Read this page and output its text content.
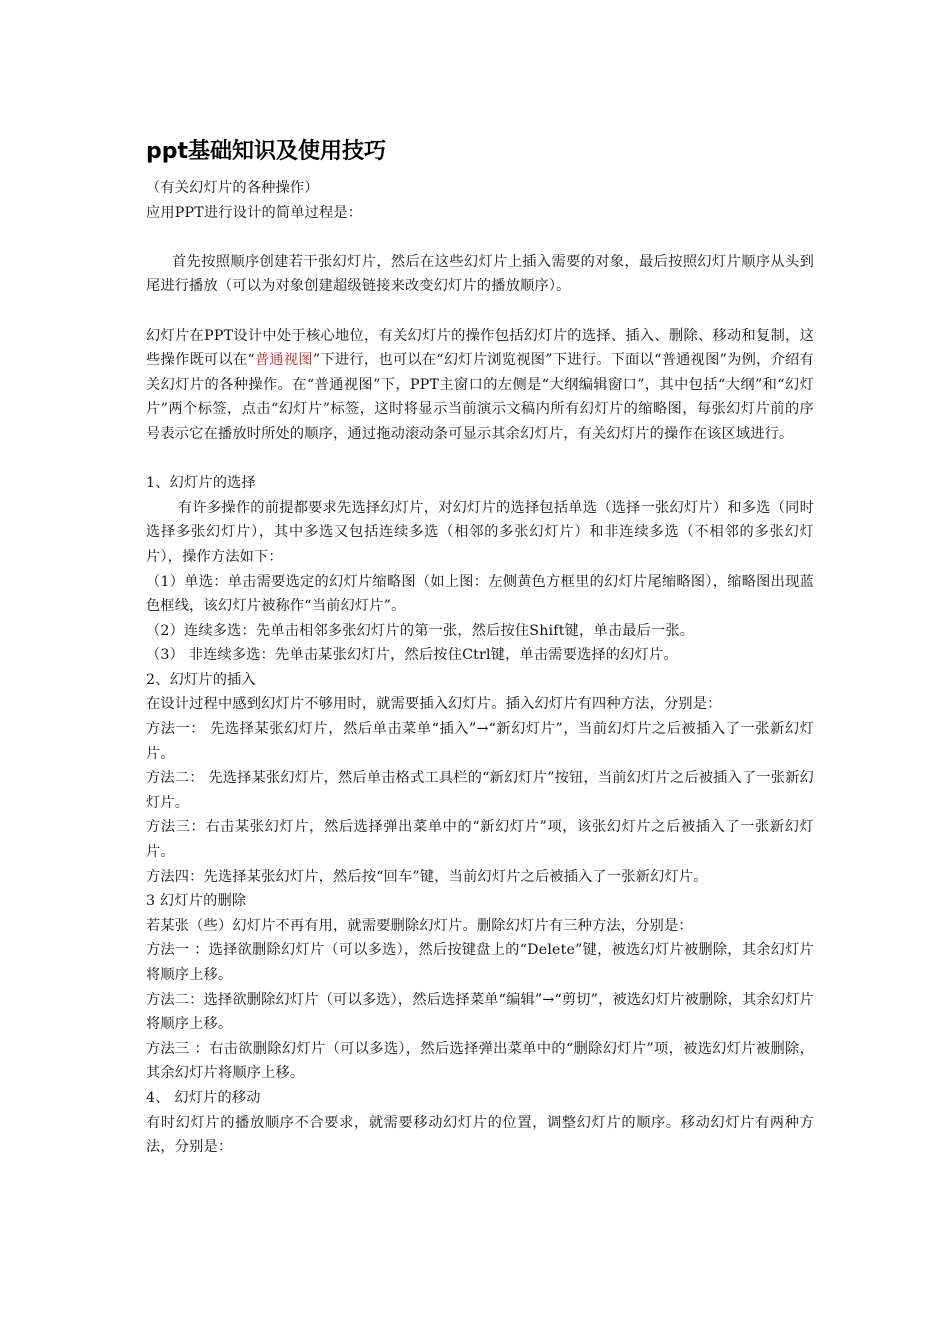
ppt基础知识及使用技巧

（有关幻灯片的各种操作）

应用PPT进行设计的简单过程是：

首先按照顺序创建若干张幻灯片，然后在这些幻灯片上插入需要的对象，最后按照幻灯片顺序从头到尾进行播放（可以为对象创建超级链接来改变幻灯片的播放顺序）。

幻灯片在PPT设计中处于核心地位，有关幻灯片的操作包括幻灯片的选择、插入、删除、移动和复制，这些操作既可以在“普通视图”下进行，也可以在“幻灯片浏览视图”下进行。下面以“普通视图”为例，介绍有关幻灯片的各种操作。在“普通视图”下，PPT主窗口的左侧是“大纲编辑窗口”，其中包括“大纲”和“幻灯片”两个标签，点击“幻灯片”标签，这时将显示当前演示文稿内所有幻灯片的缩略图，每张幻灯片前的序号表示它在播放时所处的顺序，通过拖动滚动条可显示其余幻灯片，有关幻灯片的操作在该区域进行。

1、幻灯片的选择

有许多操作的前提都要求先选择幻灯片，对幻灯片的选择包括单选（选择一张幻灯片）和多选（同时选择多张幻灯片），其中多选又包括连续多选（相邻的多张幻灯片）和非连续多选（不相邻的多张幻灯片），操作方法如下：

（1）单选：单击需要选定的幻灯片缩略图（如上图：左侧黄色方框里的幻灯片尾缩略图），缩略图出现蓝色框线，该幻灯片被称作“当前幻灯片”。

（2）连续多选：先单击相邻多张幻灯片的第一张，然后按住Shift键，单击最后一张。

（3） 非连续多选：先单击某张幻灯片，然后按住Ctrl键，单击需要选择的幻灯片。

2、幻灯片的插入

在设计过程中感到幻灯片不够用时，就需要插入幻灯片。插入幻灯片有四种方法，分别是：

方法一： 先选择某张幻灯片，然后单击菜单“插入”→“新幻灯片”，当前幻灯片之后被插入了一张新幻灯片。

方法二： 先选择某张幻灯片，然后单击格式工具栏的“新幻灯片”按钮，当前幻灯片之后被插入了一张新幻灯片。

方法三：右击某张幻灯片，然后选择弹出菜单中的“新幻灯片”项，该张幻灯片之后被插入了一张新幻灯片。

方法四：先选择某张幻灯片，然后按“回车”键，当前幻灯片之后被插入了一张新幻灯片。

3 幻灯片的删除

若某张（些）幻灯片不再有用，就需要删除幻灯片。删除幻灯片有三种方法，分别是：

方法一 ：选择欲删除幻灯片（可以多选），然后按键盘上的“Delete”键，被选幻灯片被删除，其余幻灯片将顺序上移。

方法二：选择欲删除幻灯片（可以多选），然后选择菜单“编辑”→“剪切”，被选幻灯片被删除，其余幻灯片将顺序上移。

方法三 ：右击欲删除幻灯片（可以多选），然后选择弹出菜单中的“删除幻灯片”项，被选幻灯片被删除，其余幻灯片将顺序上移。

4、 幻灯片的移动

有时幻灯片的播放顺序不合要求，就需要移动幻灯片的位置，调整幻灯片的顺序。移动幻灯片有两种方法，分别是：
